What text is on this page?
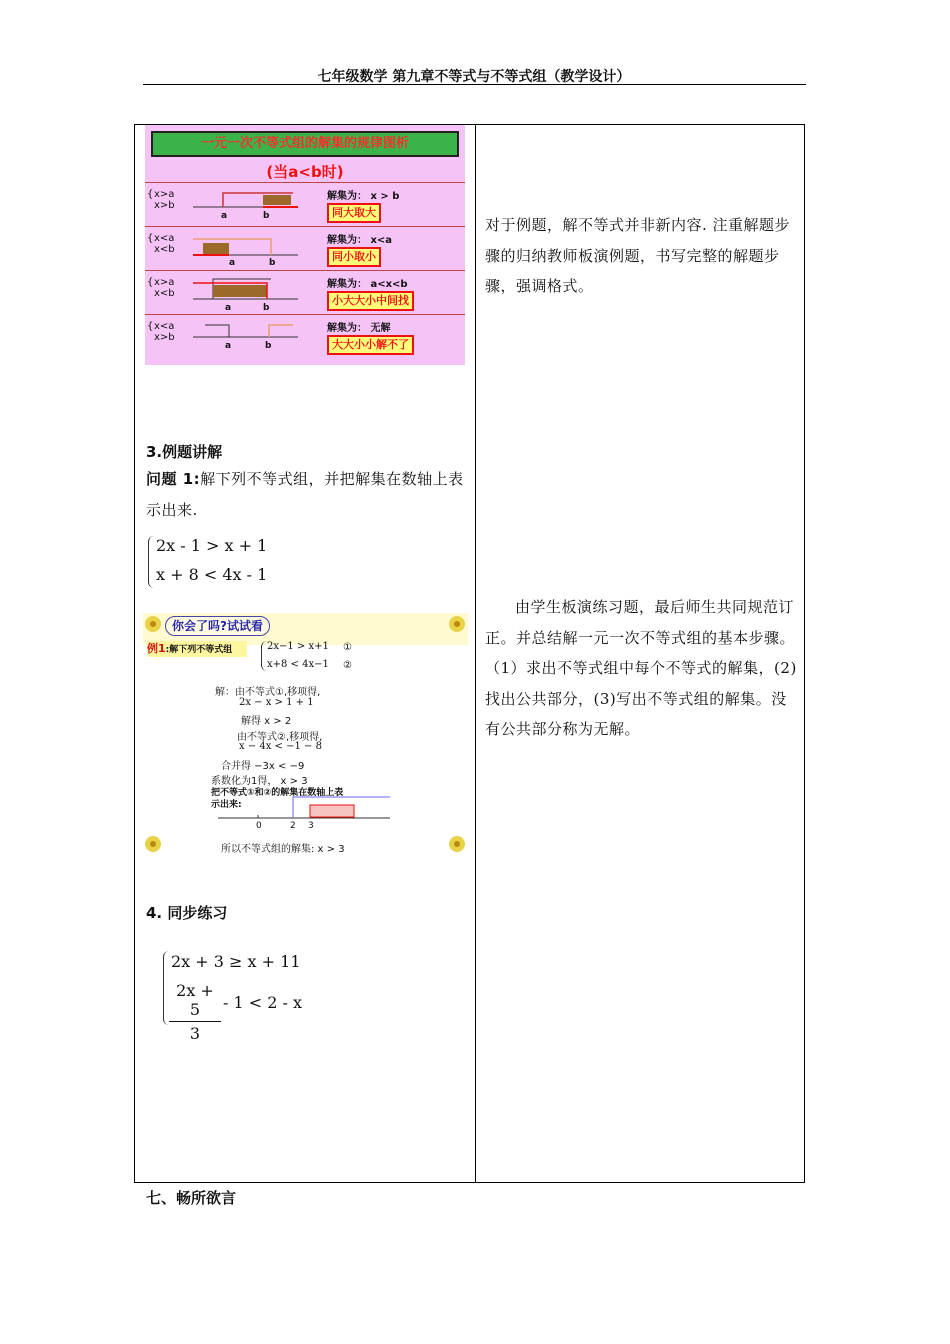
七年级数学 第九章不等式与不等式组（教学设计）
一元一次不等式组的解集的规律图析
(当a<b时)
{ x>a
x>b
a	b
解集为： x > b
同大取大
{ x<a
x<b
a	b
解集为： x<a
同小取小
{ x>a
x<b
a	b
解集为： a<x<b
小大大小中间找
{ x<a
x>b
a	b
解集为： 无解
大大小小解不了
3.例题讲解
问题 1:解下列不等式组，并把解集在数轴上表示出来.
2x - 1 > x + 1
x + 8 < 4x - 1
你会了吗?试试看
例1:解下列不等式组	2x−1 > x+1
x+8 < 4x−1
①
②
解：由不等式①,移项得,
2x − x > 1 + 1
解得 x > 2
由不等式②,移项得,
x − 4x < −1 − 8
合并得 −3x < −9
系数化为1得， x > 3
把不等式①和②的解集在数轴上表
示出来:
0	2 3
所以不等式组的解集: x > 3
4. 同步练习
2x + 3 ≥ x + 11
2x + 5
3
- 1 < 2 - x
对于例题，解不等式并非新内容. 注重解题步骤的归纳教师板演例题，书写完整的解题步骤，强调格式。
由学生板演练习题，最后师生共同规范订正。并总结解一元一次不等式组的基本步骤。（1）求出不等式组中每个不等式的解集，(2)找出公共部分，(3)写出不等式组的解集。没有公共部分称为无解。
七、畅所欲言
